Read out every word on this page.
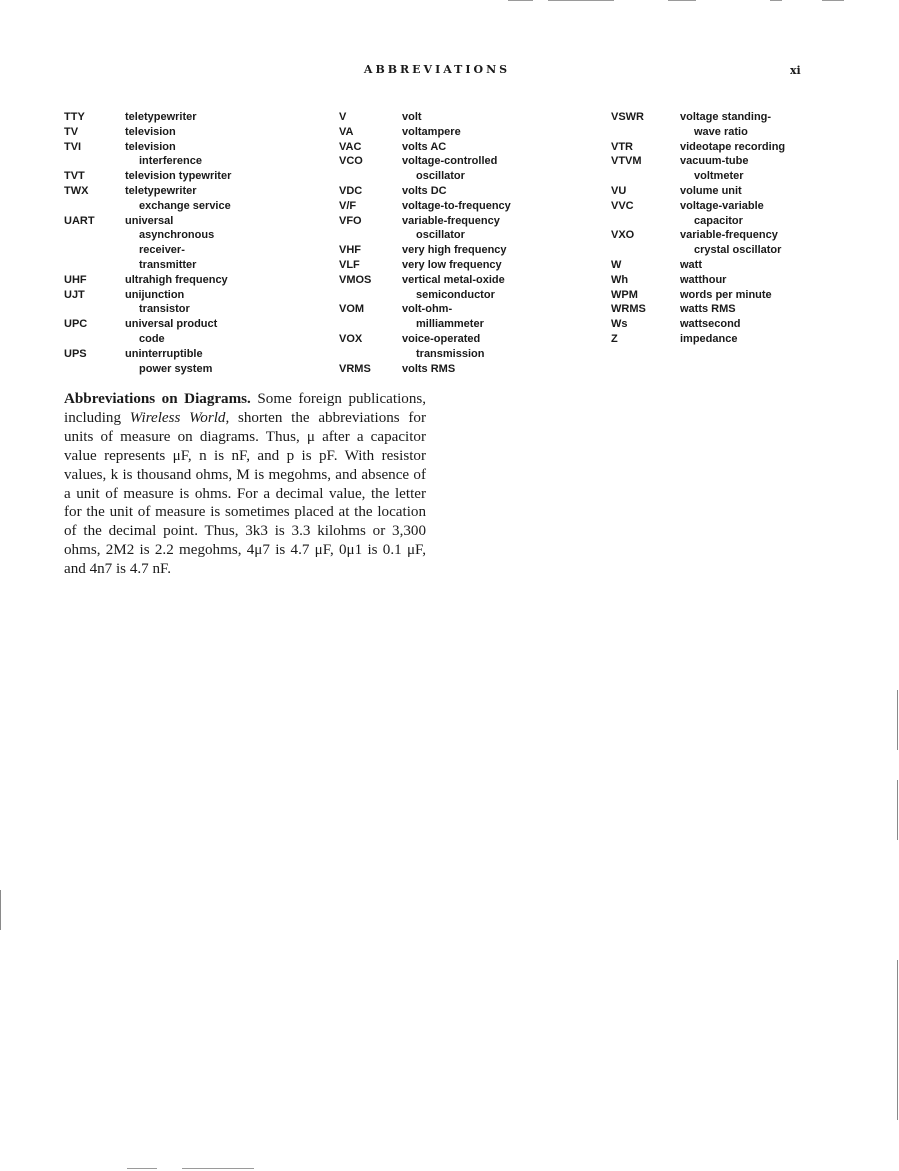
ABBREVIATIONS	xi
TTY	teletypewriter
TV	television
TVI	television
interference
TVT	television typewriter
TWX	teletypewriter
exchange service
UART	universal
asynchronous
receiver-
transmitter
UHF	ultrahigh frequency
UJT	unijunction
transistor
UPC	universal product
code
UPS	uninterruptible
power system
V	volt
VA	voltampere
VAC	volts AC
VCO	voltage-controlled
oscillator
VDC	volts DC
V/F	voltage-to-frequency
VFO	variable-frequency
oscillator
VHF	very high frequency
VLF	very low frequency
VMOS	vertical metal-oxide
semiconductor
VOM	volt-ohm-
milliammeter
VOX	voice-operated
transmission
VRMS	volts RMS
VSWR	voltage standing-
wave ratio
VTR	videotape recording
VTVM	vacuum-tube
voltmeter
VU	volume unit
VVC	voltage-variable
capacitor
VXO	variable-frequency
crystal oscillator
W	watt
Wh	watthour
WPM	words per minute
WRMS	watts RMS
Ws	wattsecond
Z	impedance
Abbreviations on Diagrams. Some foreign publications, including Wireless World, shorten the abbreviations for units of measure on diagrams. Thus, μ after a capacitor value represents μF, n is nF, and p is pF. With resistor values, k is thousand ohms, M is megohms, and absence of a unit of measure is ohms. For a decimal value, the letter for the unit of measure is sometimes placed at the location of the decimal point. Thus, 3k3 is 3.3 kilohms or 3,300 ohms, 2M2 is 2.2 megohms, 4μ7 is 4.7 μF, 0μ1 is 0.1 μF, and 4n7 is 4.7 nF.
